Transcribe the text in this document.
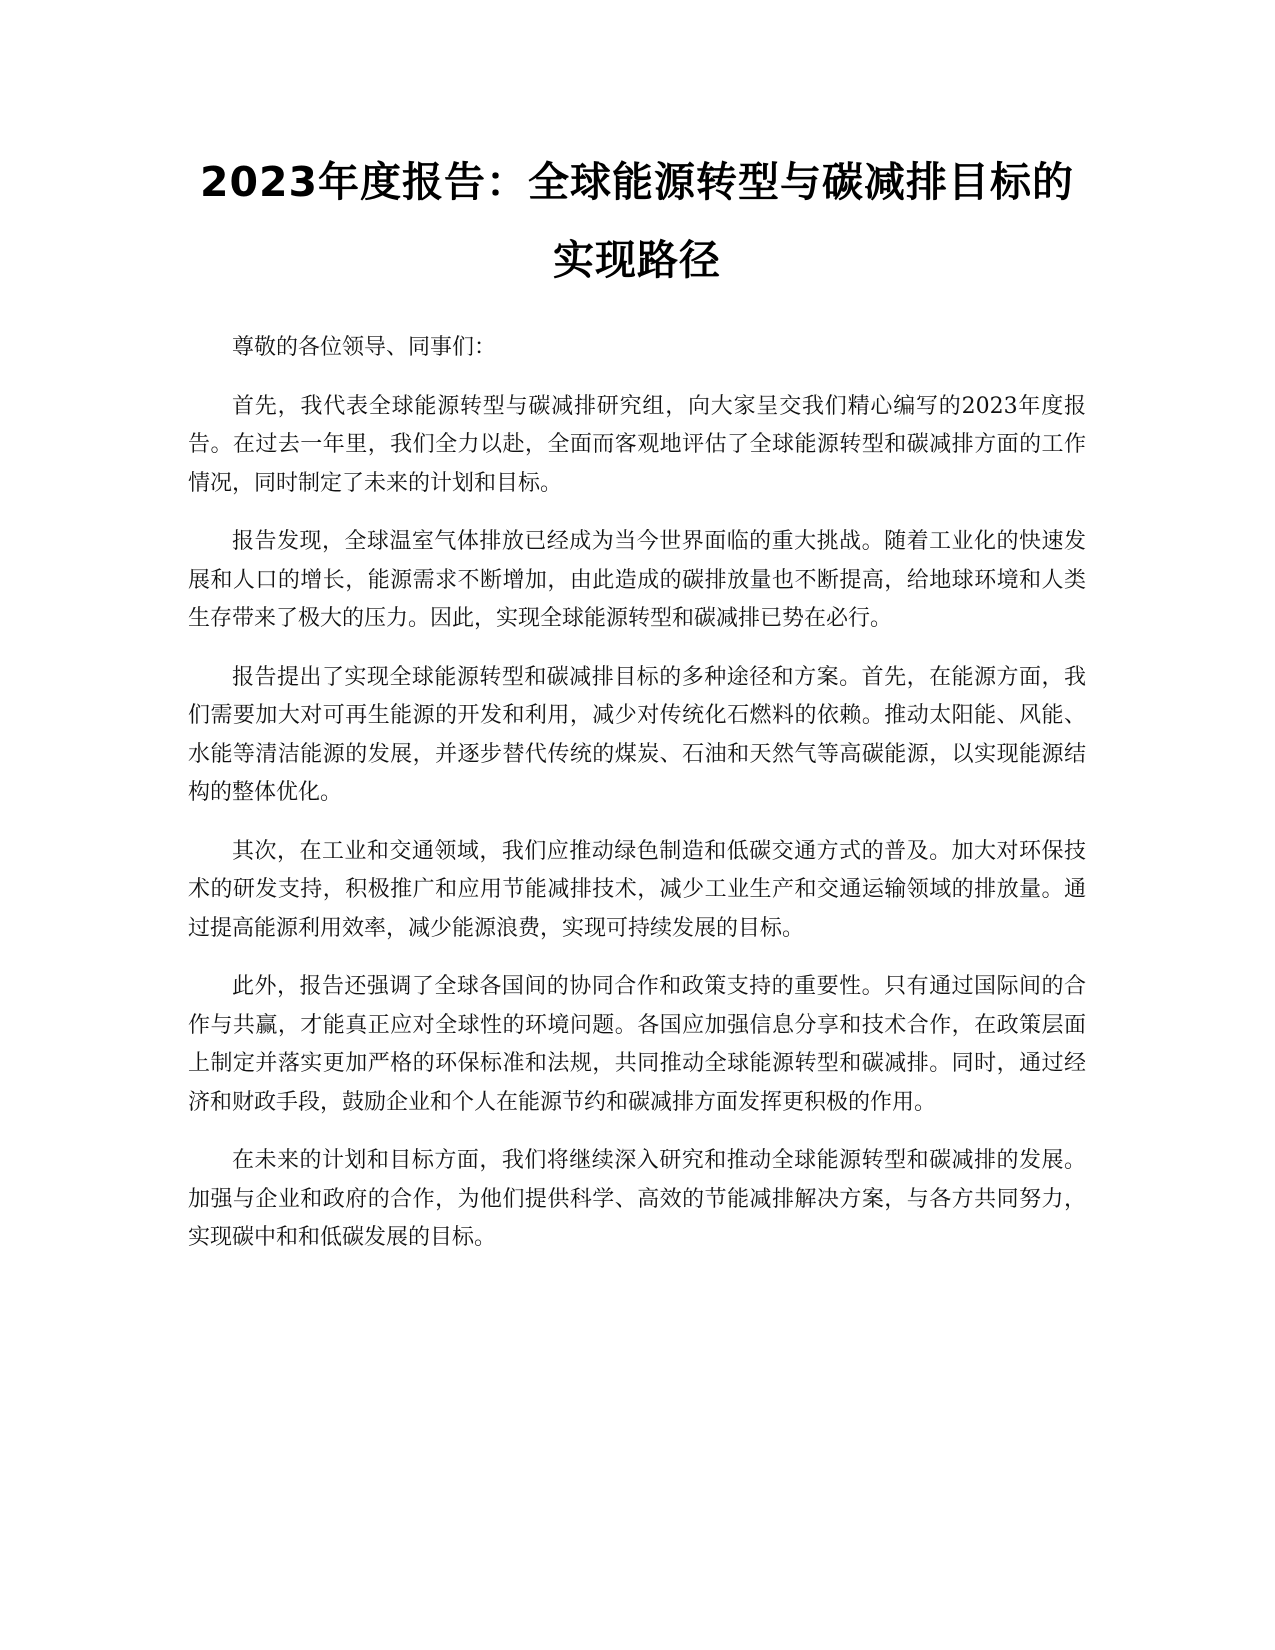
2023年度报告：全球能源转型与碳减排目标的实现路径

尊敬的各位领导、同事们：

首先，我代表全球能源转型与碳减排研究组，向大家呈交我们精心编写的2023年度报告。在过去一年里，我们全力以赴，全面而客观地评估了全球能源转型和碳减排方面的工作情况，同时制定了未来的计划和目标。

报告发现，全球温室气体排放已经成为当今世界面临的重大挑战。随着工业化的快速发展和人口的增长，能源需求不断增加，由此造成的碳排放量也不断提高，给地球环境和人类生存带来了极大的压力。因此，实现全球能源转型和碳减排已势在必行。

报告提出了实现全球能源转型和碳减排目标的多种途径和方案。首先，在能源方面，我们需要加大对可再生能源的开发和利用，减少对传统化石燃料的依赖。推动太阳能、风能、水能等清洁能源的发展，并逐步替代传统的煤炭、石油和天然气等高碳能源，以实现能源结构的整体优化。

其次，在工业和交通领域，我们应推动绿色制造和低碳交通方式的普及。加大对环保技术的研发支持，积极推广和应用节能减排技术，减少工业生产和交通运输领域的排放量。通过提高能源利用效率，减少能源浪费，实现可持续发展的目标。

此外，报告还强调了全球各国间的协同合作和政策支持的重要性。只有通过国际间的合作与共赢，才能真正应对全球性的环境问题。各国应加强信息分享和技术合作，在政策层面上制定并落实更加严格的环保标准和法规，共同推动全球能源转型和碳减排。同时，通过经济和财政手段，鼓励企业和个人在能源节约和碳减排方面发挥更积极的作用。

在未来的计划和目标方面，我们将继续深入研究和推动全球能源转型和碳减排的发展。加强与企业和政府的合作，为他们提供科学、高效的节能减排解决方案，与各方共同努力，实现碳中和和低碳发展的目标。
